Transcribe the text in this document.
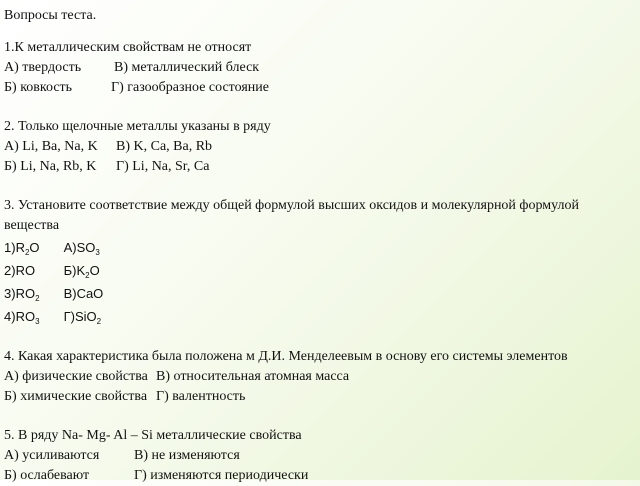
Вопросы теста.
1.К металлическим свойствам не относят
А) твердость В) металлический блеск
Б) ковкость	Г) газообразное состояние
2. Только щелочные металлы указаны в ряду
А) Li, Ba, Na, K В) K, Ca, Ba, Rb
Б) Li, Na, Rb, K Г) Li, Na, Sr, Ca
3. Установите соответствие между общей формулой высших оксидов и молекулярной формулой
вещества
$1)R_2O$ $А)SO_3$
2)RO $Б)K_2O$
$3)RO_2$ В)CaO
$4)RO_3$ Г)SiO$_2$
4. Какая характеристика была положена м Д.И. Менделеевым в основу его системы элементов
А) физические свойства В) относительная атомная масса
Б) химические свойства Г) валентность
5. В ряду Na- Mg- Al – Si металлические свойства
А) усиливаются В) не изменяются
Б) ослабевают	Г) изменяются периодически
